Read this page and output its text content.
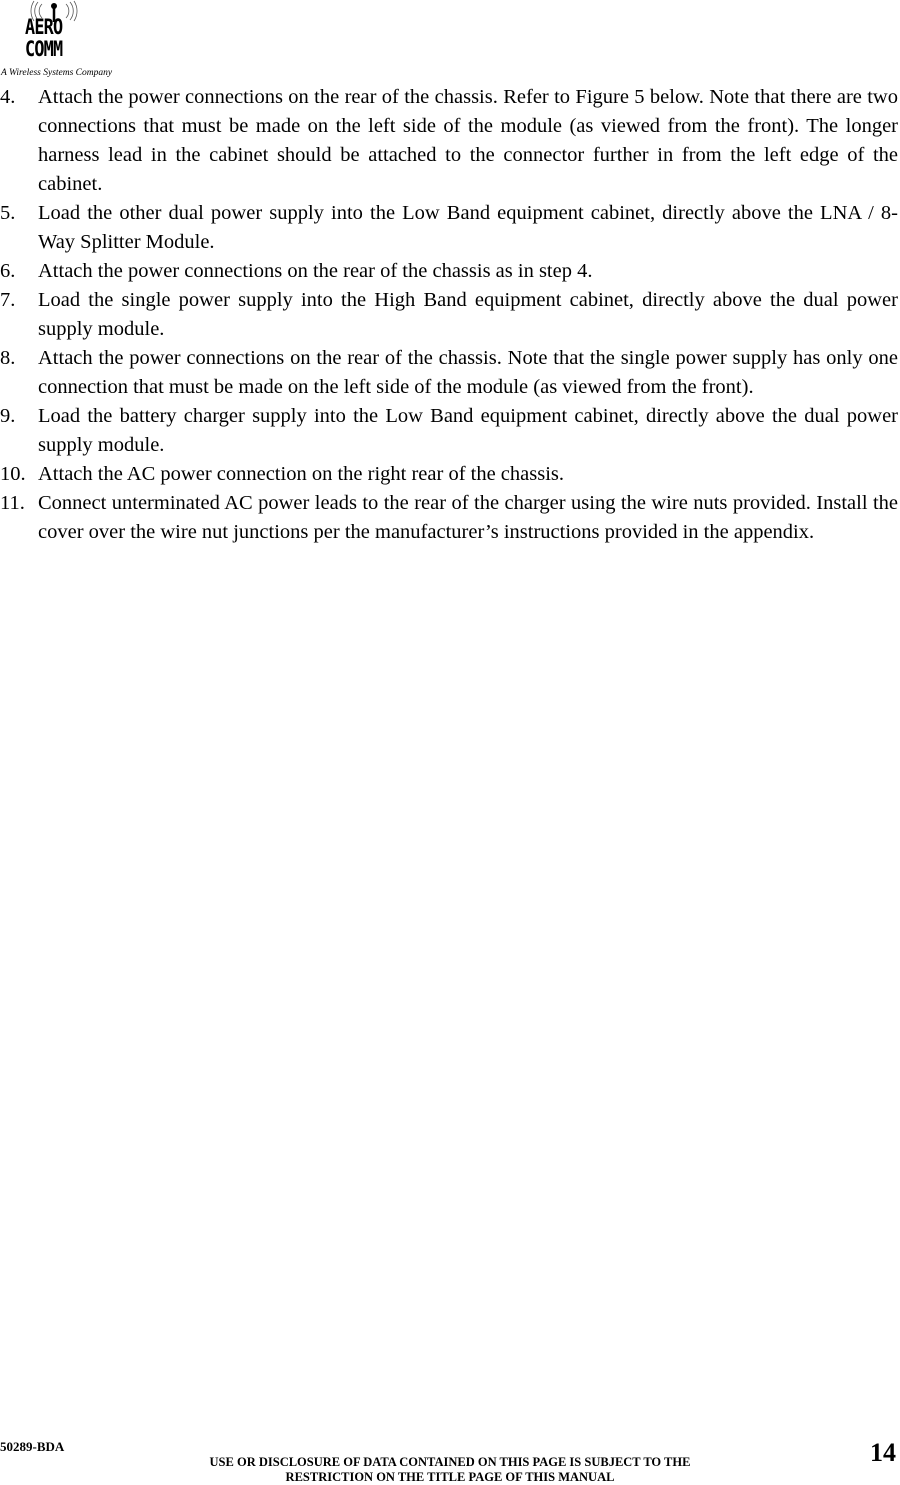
AERO
COMM
A Wireless Systems Company
4. Attach the power connections on the rear of the chassis. Refer to Figure 5 below. Note that there are two connections that must be made on the left side of the module (as viewed from the front). The longer harness lead in the cabinet should be attached to the connector further in from the left edge of the cabinet.
5. Load the other dual power supply into the Low Band equipment cabinet, directly above the LNA / 8-Way Splitter Module.
6. Attach the power connections on the rear of the chassis as in step 4.
7. Load the single power supply into the High Band equipment cabinet, directly above the dual power supply module.
8. Attach the power connections on the rear of the chassis. Note that the single power supply has only one connection that must be made on the left side of the module (as viewed from the front).
9. Load the battery charger supply into the Low Band equipment cabinet, directly above the dual power supply module.
10. Attach the AC power connection on the right rear of the chassis.
11. Connect unterminated AC power leads to the rear of the charger using the wire nuts provided. Install the cover over the wire nut junctions per the manufacturer’s instructions provided in the appendix.
50289-BDA
USE OR DISCLOSURE OF DATA CONTAINED ON THIS PAGE IS SUBJECT TO THE
RESTRICTION ON THE TITLE PAGE OF THIS MANUAL
14
